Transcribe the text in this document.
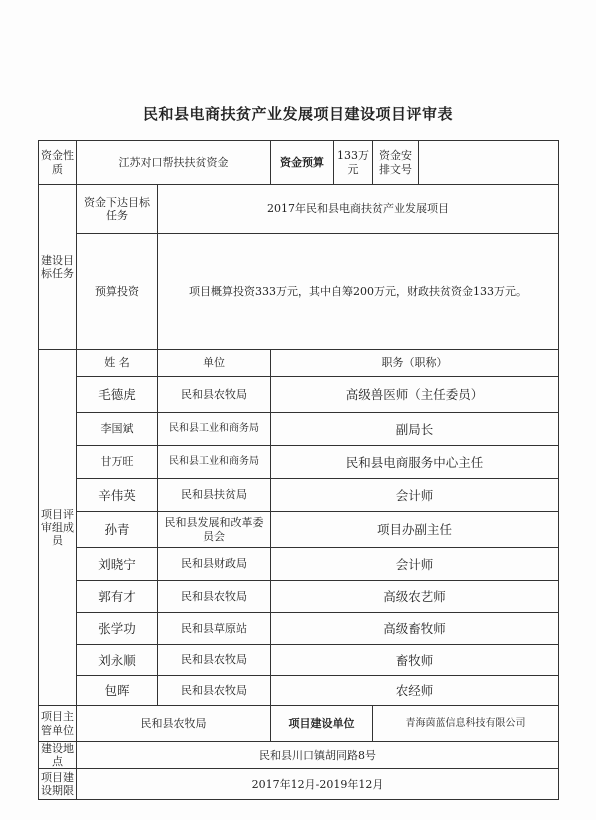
民和县电商扶贫产业发展项目建设项目评审表
资金性质	江苏对口帮扶扶贫资金		资金预算	133万元	资金安排文号	
建设目标任务	资金下达目标任务	2017年民和县电商扶贫产业发展项目				
	预算投资	项目概算投资333万元，其中自筹200万元，财政扶贫资金133万元。				
项目评审组成员	姓 名	单位	职务（职称）			
	毛德虎	民和县农牧局	高级兽医师（主任委员）			
	李国斌	民和县工业和商务局	副局长			
	甘万旺	民和县工业和商务局	民和县电商服务中心主任			
	辛伟英	民和县扶贫局	会计师			
	孙青	民和县发展和改革委员会	项目办副主任			
	刘晓宁	民和县财政局	会计师			
	郭有才	民和县农牧局	高级农艺师			
	张学功	民和县草原站	高级畜牧师			
	刘永顺	民和县农牧局	畜牧师			
	包晖	民和县农牧局	农经师			
项目主管单位	民和县农牧局		项目建设单位		青海茵蓝信息科技有限公司	
建设地点	民和县川口镇胡同路8号					
项目建设期限	2017年12月-2019年12月					
